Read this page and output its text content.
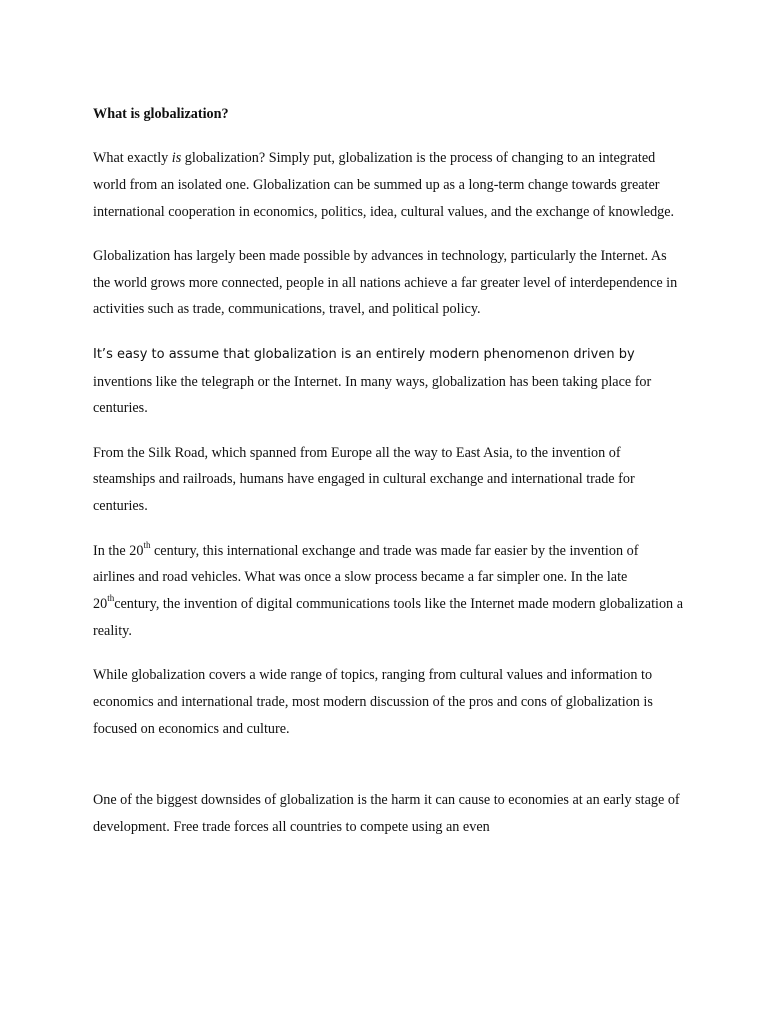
What is globalization?

What exactly is globalization? Simply put, globalization is the process of changing to an integrated world from an isolated one. Globalization can be summed up as a long-term change towards greater international cooperation in economics, politics, idea, cultural values, and the exchange of knowledge.

Globalization has largely been made possible by advances in technology, particularly the Internet. As the world grows more connected, people in all nations achieve a far greater level of interdependence in activities such as trade, communications, travel, and political policy.

It’s easy to assume that globalization is an entirely modern phenomenon driven by
inventions like the telegraph or the Internet. In many ways, globalization has been taking place for centuries.

From the Silk Road, which spanned from Europe all the way to East Asia, to the invention of steamships and railroads, humans have engaged in cultural exchange and international trade for centuries.

In the 20th century, this international exchange and trade was made far easier by the invention of airlines and road vehicles. What was once a slow process became a far simpler one. In the late 20thcentury, the invention of digital communications tools like the Internet made modern globalization a reality.

While globalization covers a wide range of topics, ranging from cultural values and information to economics and international trade, most modern discussion of the pros and cons of globalization is focused on economics and culture.

One of the biggest downsides of globalization is the harm it can cause to economies at an early stage of development. Free trade forces all countries to compete using an even
